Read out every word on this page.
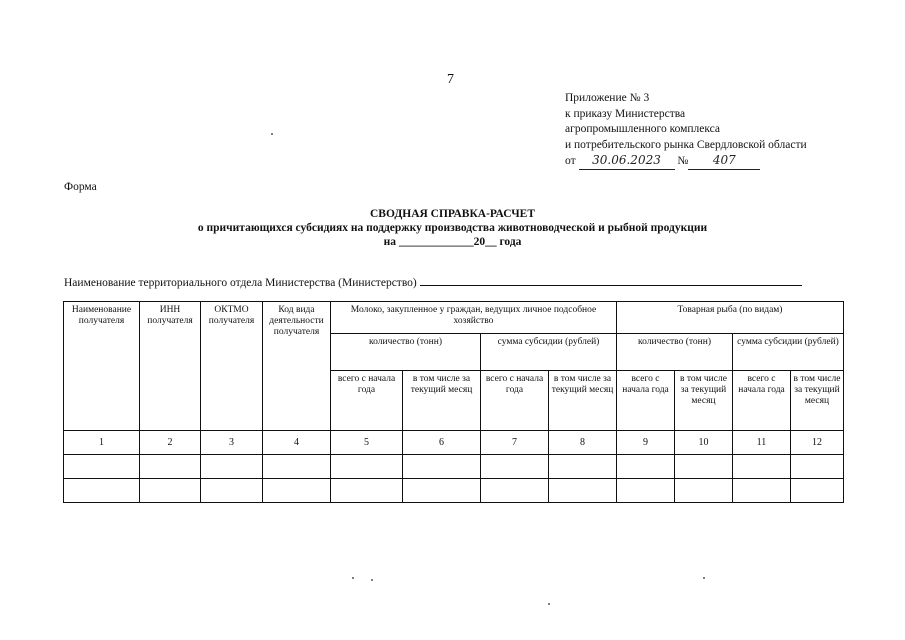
7
Приложение № 3
к приказу Министерства
агропромышленного комплекса
и потребительского рынка Свердловской области
от 30.06.2023 № 407
Форма
СВОДНАЯ СПРАВКА-РАСЧЕТ
о причитающихся субсидиях на поддержку производства животноводческой и рыбной продукции
на _____________20__ года
Наименование территориального отдела Министерства (Министерство)
Наименование получателя	ИНН получателя	ОКТМО получателя	Код вида деятельности получателя	Молоко, закупленное у граждан, ведущих личное подсобное хозяйство				Товарная рыба (по видам)			
				количество (тонн)		сумма субсидии (рублей)		количество (тонн)		сумма субсидии (рублей)	
				всего с начала года	в том числе за текущий месяц	всего с начала года	в том числе за текущий месяц	всего с начала года	в том числе за текущий месяц	всего с начала года	в том числе за текущий месяц
1	2	3	4	5	6	7	8	9	10	11	12
